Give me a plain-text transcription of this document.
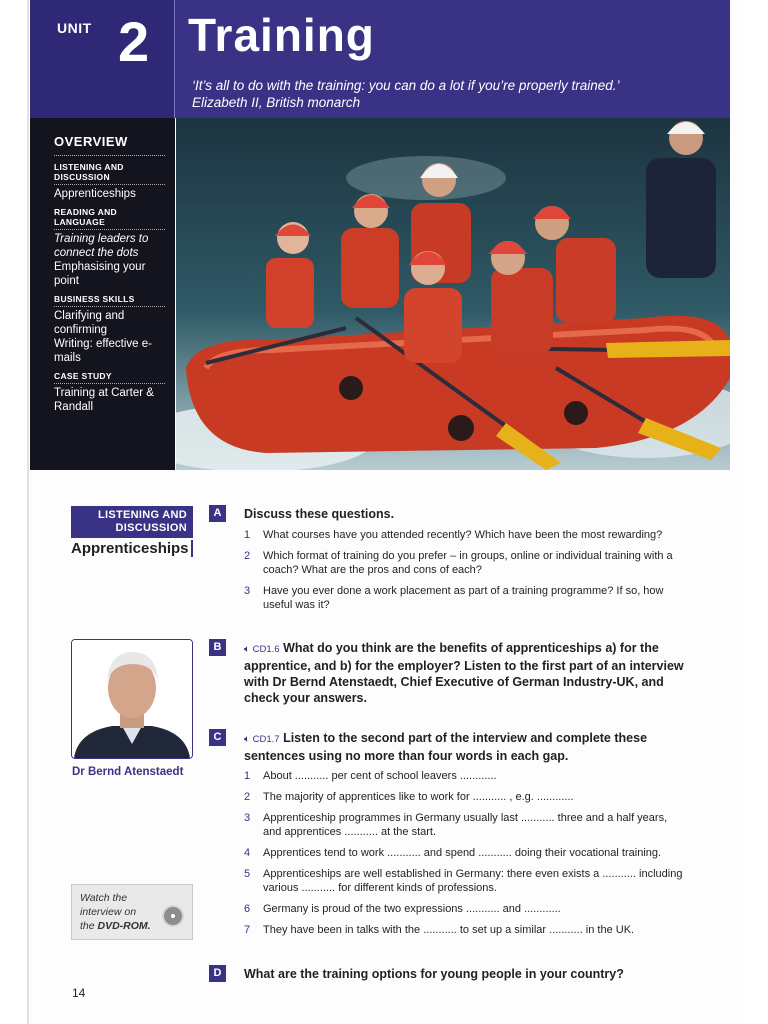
UNIT 2 Training
‘It’s all to do with the training: you can do a lot if you’re properly trained.’
Elizabeth II, British monarch
OVERVIEW
LISTENING AND DISCUSSION
Apprenticeships
READING AND LANGUAGE
Training leaders to connect the dots
Emphasising your point
BUSINESS SKILLS
Clarifying and confirming
Writing: effective e-mails
CASE STUDY
Training at Carter & Randall
LISTENING AND DISCUSSION
Apprenticeships
Dr Bernd Atenstaedt
Watch the
interview on
the DVD-ROM.
14
A	Discuss these questions.
1	What courses have you attended recently? Which have been the most rewarding?
2	Which format of training do you prefer – in groups, online or individual training with a coach? What are the pros and cons of each?
3	Have you ever done a work placement as part of a training programme? If so, how useful was it?
B	🔈︎ CD1.6 What do you think are the benefits of apprenticeships a) for the apprentice, and b) for the employer? Listen to the first part of an interview with Dr Bernd Atenstaedt, Chief Executive of German Industry-UK, and check your answers.
C	🔈︎ CD1.7 Listen to the second part of the interview and complete these sentences using no more than four words in each gap.
1	About ........... per cent of school leavers ............
2	The majority of apprentices like to work for ........... , e.g. ............
3	Apprenticeship programmes in Germany usually last ........... three and a half years, and apprentices ........... at the start.
4	Apprentices tend to work ........... and spend ........... doing their vocational training.
5	Apprenticeships are well established in Germany: there even exists a ........... including various ........... for different kinds of professions.
6	Germany is proud of the two expressions ........... and ............
7	They have been in talks with the ........... to set up a similar ........... in the UK.
D	What are the training options for young people in your country?
